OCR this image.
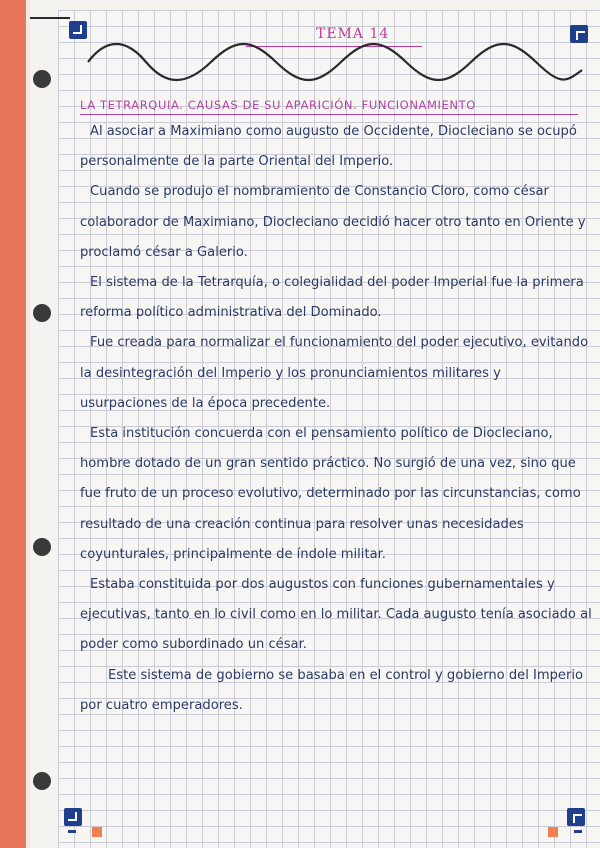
TEMA 14
LA TETRARQUIA. CAUSAS DE SU APARICIÓN. FUNCIONAMIENTO

Al asociar a Maximiano como augusto de Occidente, Diocleciano se ocupó personalmente de la parte Oriental del Imperio.

Cuando se produjo el nombramiento de Constancio Cloro, como césar colaborador de Maximiano, Diocleciano decidió hacer otro tanto en Oriente y proclamó césar a Galerio.

El sistema de la Tetrarquía, o colegialidad del poder Imperial fue la primera reforma político administrativa del Dominado.

Fue creada para normalizar el funcionamiento del poder ejecutivo, evitando la desintegración del Imperio y los pronunciamientos militares y usurpaciones de la época precedente.

Esta institución concuerda con el pensamiento político de Diocleciano, hombre dotado de un gran sentido práctico. No surgió de una vez, sino que fue fruto de un proceso evolutivo, determinado por las circunstancias, como resultado de una creación continua para resolver unas necesidades coyunturales, principalmente de índole militar.

Estaba constituida por dos augustos con funciones gubernamentales y ejecutivas, tanto en lo civil como en lo militar. Cada augusto tenía asociado al poder como subordinado un césar.

Este sistema de gobierno se basaba en el control y gobierno del Imperio por cuatro emperadores.
